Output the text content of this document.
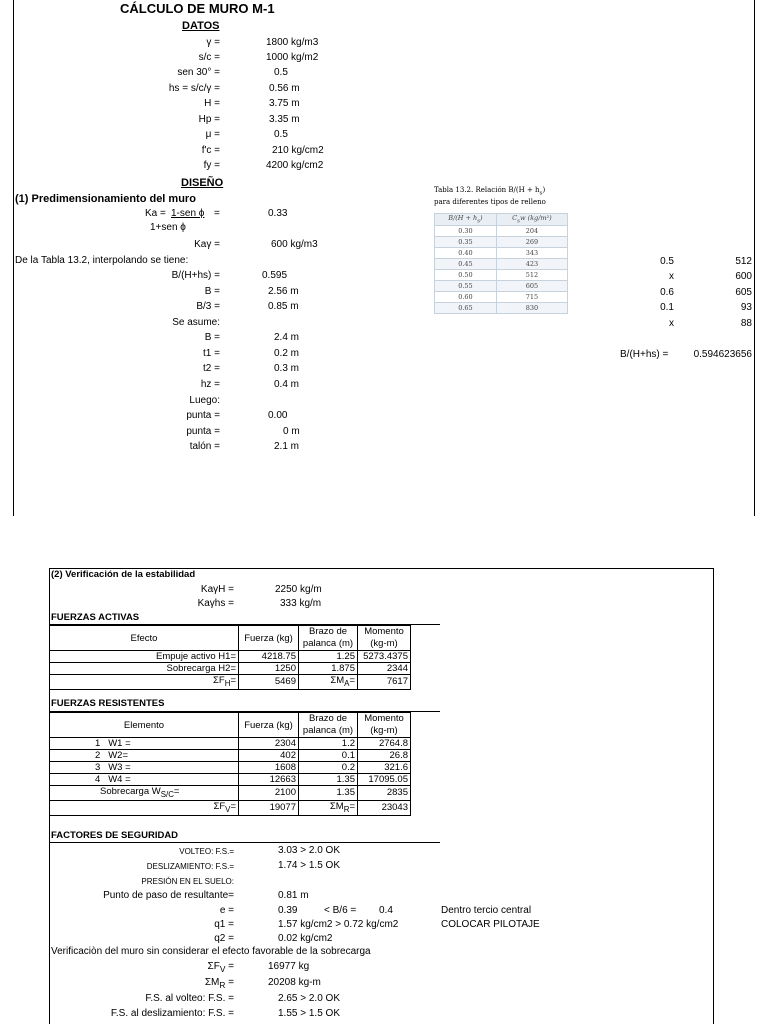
CÁLCULO DE MURO M-1
DATOS
γ =	1800 kg/m3
s/c =	1000 kg/m2
sen 30° =	0.5
hs = s/c/γ =	0.56 m
H =	3.75 m
Hp =	3.35 m
μ =	0.5
f'c =	210 kg/cm2
fy =	4200 kg/cm2
DISEÑO
(1) Predimensionamiento del muro
Ka = 1-sen ϕ =
1+sen ϕ
0.33
Kaγ =	600 kg/m3
De la Tabla 13.2, interpolando se tiene:
B/(H+hs) =	0.595
B =	2.56 m
B/3 =	0.85 m
Se asume:
B =	2.4 m
t1 =	0.2 m
t2 =	0.3 m
hz =	0.4 m
Luego:
punta =	0.00
punta =	0 m
talón =	2.1 m
Tabla 13.2. Relación $B/(H + h_s)$
para diferentes tipos de relleno
$B/(H + h_s)$	$C_sw$ (kg/m²)
0.30	204
0.35	269
0.40	343
0.45	423
0.50	512
0.55	605
0.60	715
0.65	830
0.5	512
x	600
0.6	605
0.1	93
x	88
B/(H+hs) =	0.594623656
(2) Verificación de la estabilidad
KaγH =	2250 kg/m
Kaγhs =	333 kg/m
FUERZAS ACTIVAS
Efecto	Fuerza (kg)	Brazo de palanca (m)	Momento (kg-m)
Empuje activo H1=	4218.75	1.25	5273.4375
Sobrecarga H2=	1250	1.875	2344
$\Sigma F_H=$	5469	$\Sigma M_A=$	7617
FUERZAS RESISTENTES
Elemento	Fuerza (kg)	Brazo de palanca (m)	Momento (kg-m)
1   W1 =	2304	1.2	2764.8
2   W2=	402	0.1	26.8
3   W3 =	1608	0.2	321.6
4   W4 =	12663	1.35	17095.05
Sobrecarga $W_{S/C}=$	2100	1.35	2835
$\Sigma F_V=$	19077	$\Sigma M_R=$	23043
FACTORES DE SEGURIDAD
VOLTEO: F.S.=	3.03 > 2.0 OK
DESLIZAMIENTO: F.S.=	1.74 > 1.5 OK
PRESIÓN EN EL SUELO:
Punto de paso de resultante=	0.81 m
e =	0.39	< B/6 = 0.4	Dentro tercio central
q1 =	1.57 kg/cm2 > 0.72 kg/cm2	COLOCAR PILOTAJE
q2 =	0.02 kg/cm2
Verificaciòn del muro sin considerar el efecto favorable de la sobrecarga
$\Sigma F_V$ =	16977 kg
$\Sigma M_R$ =	20208 kg-m
F.S. al volteo: F.S. =	2.65 > 2.0 OK
F.S. al deslizamiento: F.S. =	1.55 > 1.5 OK
